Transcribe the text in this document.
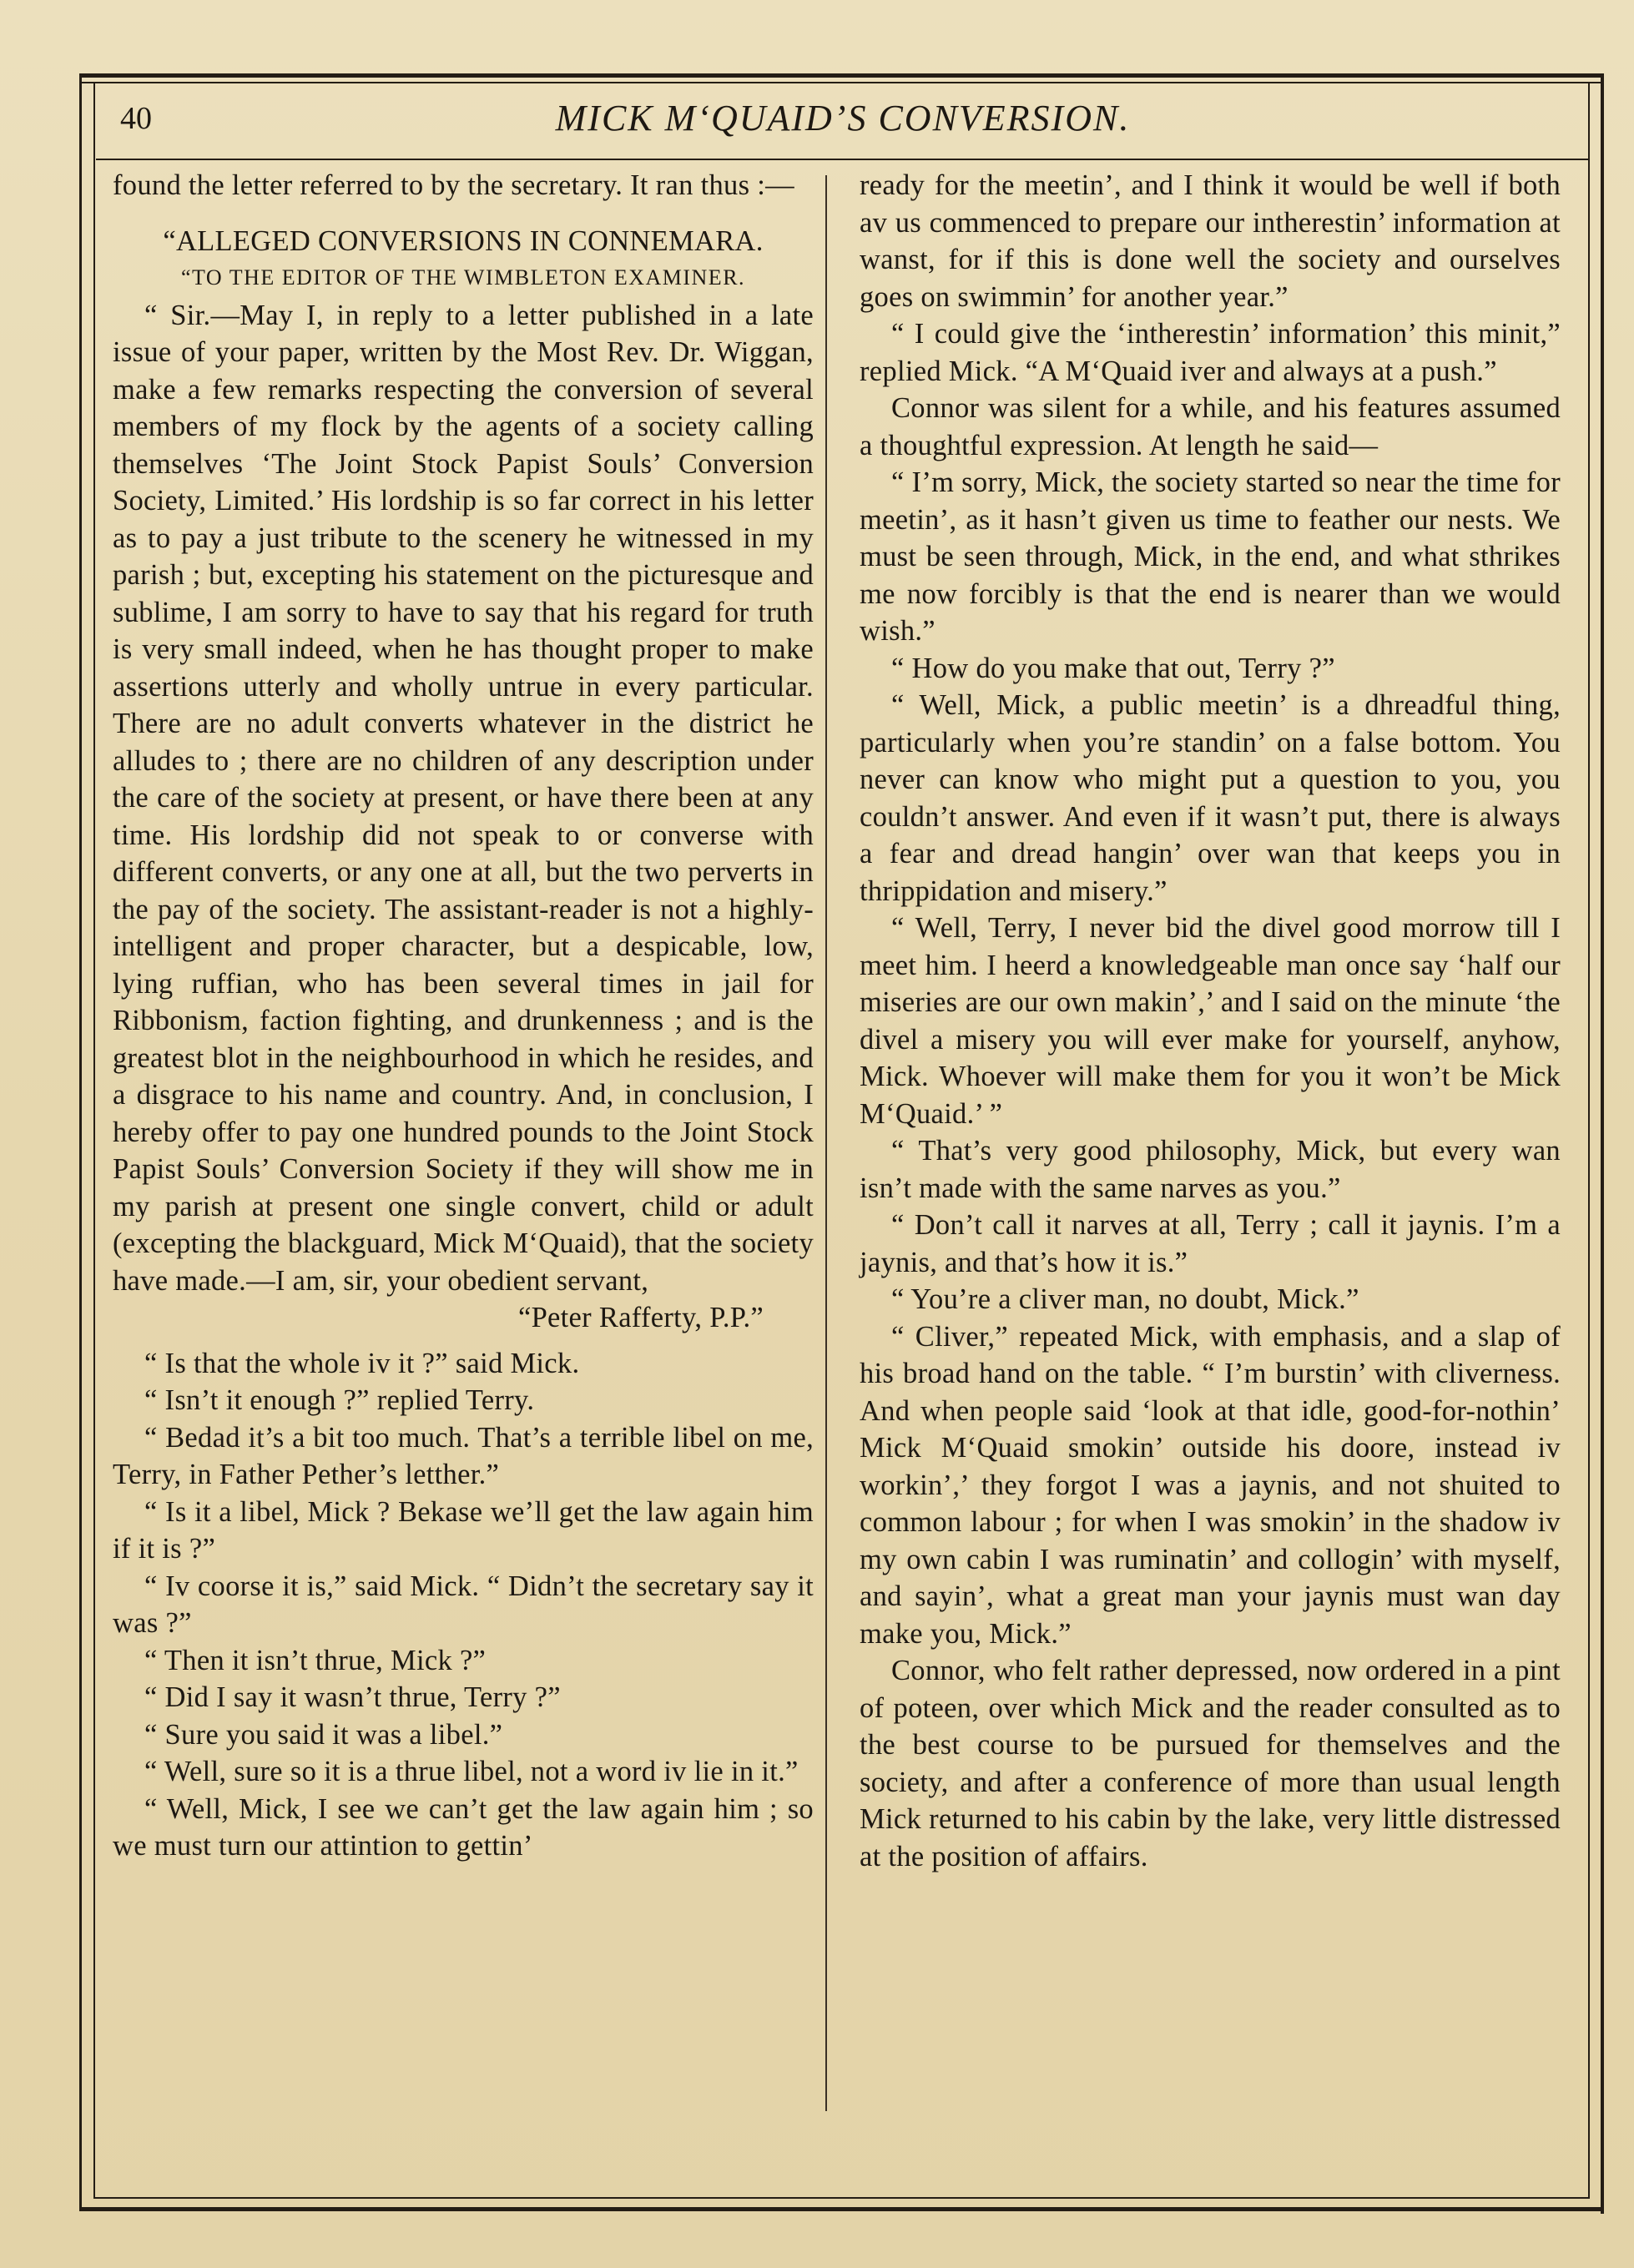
40	MICK M‘QUAID’S CONVERSION.

found the letter referred to by the secretary. It ran thus :—

“ALLEGED CONVERSIONS IN CONNEMARA.

“TO THE EDITOR OF THE WIMBLETON EXAMINER.

“ Sir.—May I, in reply to a letter published in a late issue of your paper, written by the Most Rev. Dr. Wiggan, make a few remarks respecting the conversion of several members of my flock by the agents of a society calling themselves ‘The Joint Stock Papist Souls’ Conversion Society, Limited.’ His lordship is so far correct in his letter as to pay a just tribute to the scenery he witnessed in my parish ; but, excepting his statement on the picturesque and sublime, I am sorry to have to say that his regard for truth is very small indeed, when he has thought proper to make assertions utterly and wholly untrue in every particular. There are no adult converts whatever in the district he alludes to ; there are no children of any description under the care of the society at present, or have there been at any time. His lordship did not speak to or converse with different converts, or any one at all, but the two perverts in the pay of the society. The assistant-reader is not a highly-intelligent and proper character, but a despicable, low, lying ruffian, who has been several times in jail for Ribbonism, faction fighting, and drunkenness ; and is the greatest blot in the neighbourhood in which he resides, and a disgrace to his name and country. And, in conclusion, I hereby offer to pay one hundred pounds to the Joint Stock Papist Souls’ Conversion Society if they will show me in my parish at present one single convert, child or adult (excepting the blackguard, Mick M‘Quaid), that the society have made.—I am, sir, your obedient servant,

“Peter Rafferty, P.P.”

“ Is that the whole iv it ?” said Mick.

“ Isn’t it enough ?” replied Terry.

“ Bedad it’s a bit too much. That’s a terrible libel on me, Terry, in Father Pether’s letther.”

“ Is it a libel, Mick ? Bekase we’ll get the law again him if it is ?”

“ Iv coorse it is,” said Mick. “ Didn’t the secretary say it was ?”

“ Then it isn’t thrue, Mick ?”

“ Did I say it wasn’t thrue, Terry ?”

“ Sure you said it was a libel.”

“ Well, sure so it is a thrue libel, not a word iv lie in it.”

“ Well, Mick, I see we can’t get the law again him ; so we must turn our attintion to gettin’

ready for the meetin’, and I think it would be well if both av us commenced to prepare our intherestin’ information at wanst, for if this is done well the society and ourselves goes on swimmin’ for another year.”

“ I could give the ‘intherestin’ information’ this minit,” replied Mick. “A M‘Quaid iver and always at a push.”

Connor was silent for a while, and his features assumed a thoughtful expression. At length he said—

“ I’m sorry, Mick, the society started so near the time for meetin’, as it hasn’t given us time to feather our nests. We must be seen through, Mick, in the end, and what sthrikes me now forcibly is that the end is nearer than we would wish.”

“ How do you make that out, Terry ?”

“ Well, Mick, a public meetin’ is a dhreadful thing, particularly when you’re standin’ on a false bottom. You never can know who might put a question to you, you couldn’t answer. And even if it wasn’t put, there is always a fear and dread hangin’ over wan that keeps you in thrippidation and misery.”

“ Well, Terry, I never bid the divel good morrow till I meet him. I heerd a knowledgeable man once say ‘half our miseries are our own makin’,’ and I said on the minute ‘the divel a misery you will ever make for yourself, anyhow, Mick. Whoever will make them for you it won’t be Mick M‘Quaid.’ ”

“ That’s very good philosophy, Mick, but every wan isn’t made with the same narves as you.”

“ Don’t call it narves at all, Terry ; call it jaynis. I’m a jaynis, and that’s how it is.”

“ You’re a cliver man, no doubt, Mick.”

“ Cliver,” repeated Mick, with emphasis, and a slap of his broad hand on the table. “ I’m burstin’ with cliverness. And when people said ‘look at that idle, good-for-nothin’ Mick M‘Quaid smokin’ outside his doore, instead iv workin’,’ they forgot I was a jaynis, and not shuited to common labour ; for when I was smokin’ in the shadow iv my own cabin I was ruminatin’ and collogin’ with myself, and sayin’, what a great man your jaynis must wan day make you, Mick.”

Connor, who felt rather depressed, now ordered in a pint of poteen, over which Mick and the reader consulted as to the best course to be pursued for themselves and the society, and after a conference of more than usual length Mick returned to his cabin by the lake, very little distressed at the position of affairs.
